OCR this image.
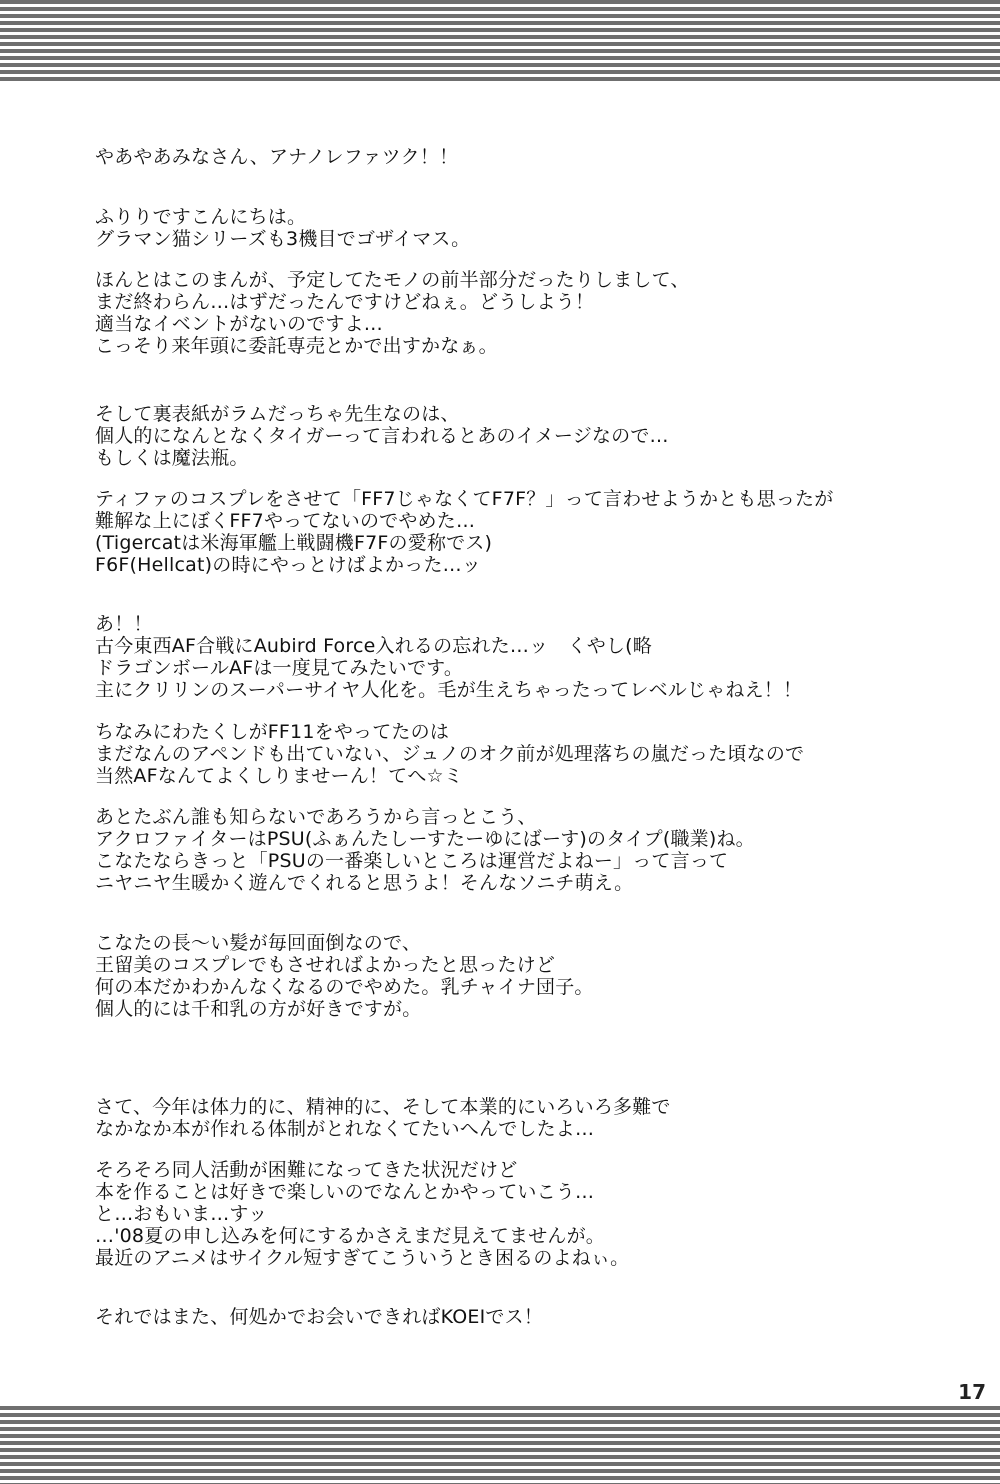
やあやあみなさん、アナノレファツク！！

ふりりですこんにちは。

グラマン猫シリーズも3機目でゴザイマス。

ほんとはこのまんが、予定してたモノの前半部分だったりしまして、

まだ終わらん…はずだったんですけどねぇ。どうしよう！

適当なイベントがないのですよ…

こっそり来年頭に委託専売とかで出すかなぁ。

そして裏表紙がラムだっちゃ先生なのは、

個人的になんとなくタイガーって言われるとあのイメージなので…

もしくは魔法瓶。

ティファのコスプレをさせて「FF7じゃなくてF7F？」って言わせようかとも思ったが

難解な上にぼくFF7やってないのでやめた…

(Tigercatは米海軍艦上戦闘機F7Fの愛称でス)

F6F(Hellcat)の時にやっとけばよかった…ッ

あ！！

古今東西AF合戦にAubird Force入れるの忘れた…ッ　くやし(略

ドラゴンボールAFは一度見てみたいです。

主にクリリンのスーパーサイヤ人化を。毛が生えちゃったってレベルじゃねえ！！

ちなみにわたくしがFF11をやってたのは

まだなんのアペンドも出ていない、ジュノのオク前が処理落ちの嵐だった頃なので

当然AFなんてよくしりませーん！てへ☆ミ

あとたぶん誰も知らないであろうから言っとこう、

アクロファイターはPSU(ふぁんたしーすたーゆにばーす)のタイプ(職業)ね。

こなたならきっと「PSUの一番楽しいところは運営だよねー」って言って

ニヤニヤ生暖かく遊んでくれると思うよ！そんなソニチ萌え。

こなたの長〜い髪が毎回面倒なので、

王留美のコスプレでもさせればよかったと思ったけど

何の本だかわかんなくなるのでやめた。乳チャイナ団子。

個人的には千和乳の方が好きですが。

さて、今年は体力的に、精神的に、そして本業的にいろいろ多難で

なかなか本が作れる体制がとれなくてたいへんでしたよ…

そろそろ同人活動が困難になってきた状況だけど

本を作ることは好きで楽しいのでなんとかやっていこう…

と…おもいま…すッ

…'08夏の申し込みを何にするかさえまだ見えてませんが。

最近のアニメはサイクル短すぎてこういうとき困るのよねぃ。

それではまた、何処かでお会いできればKOEIでス！

17
